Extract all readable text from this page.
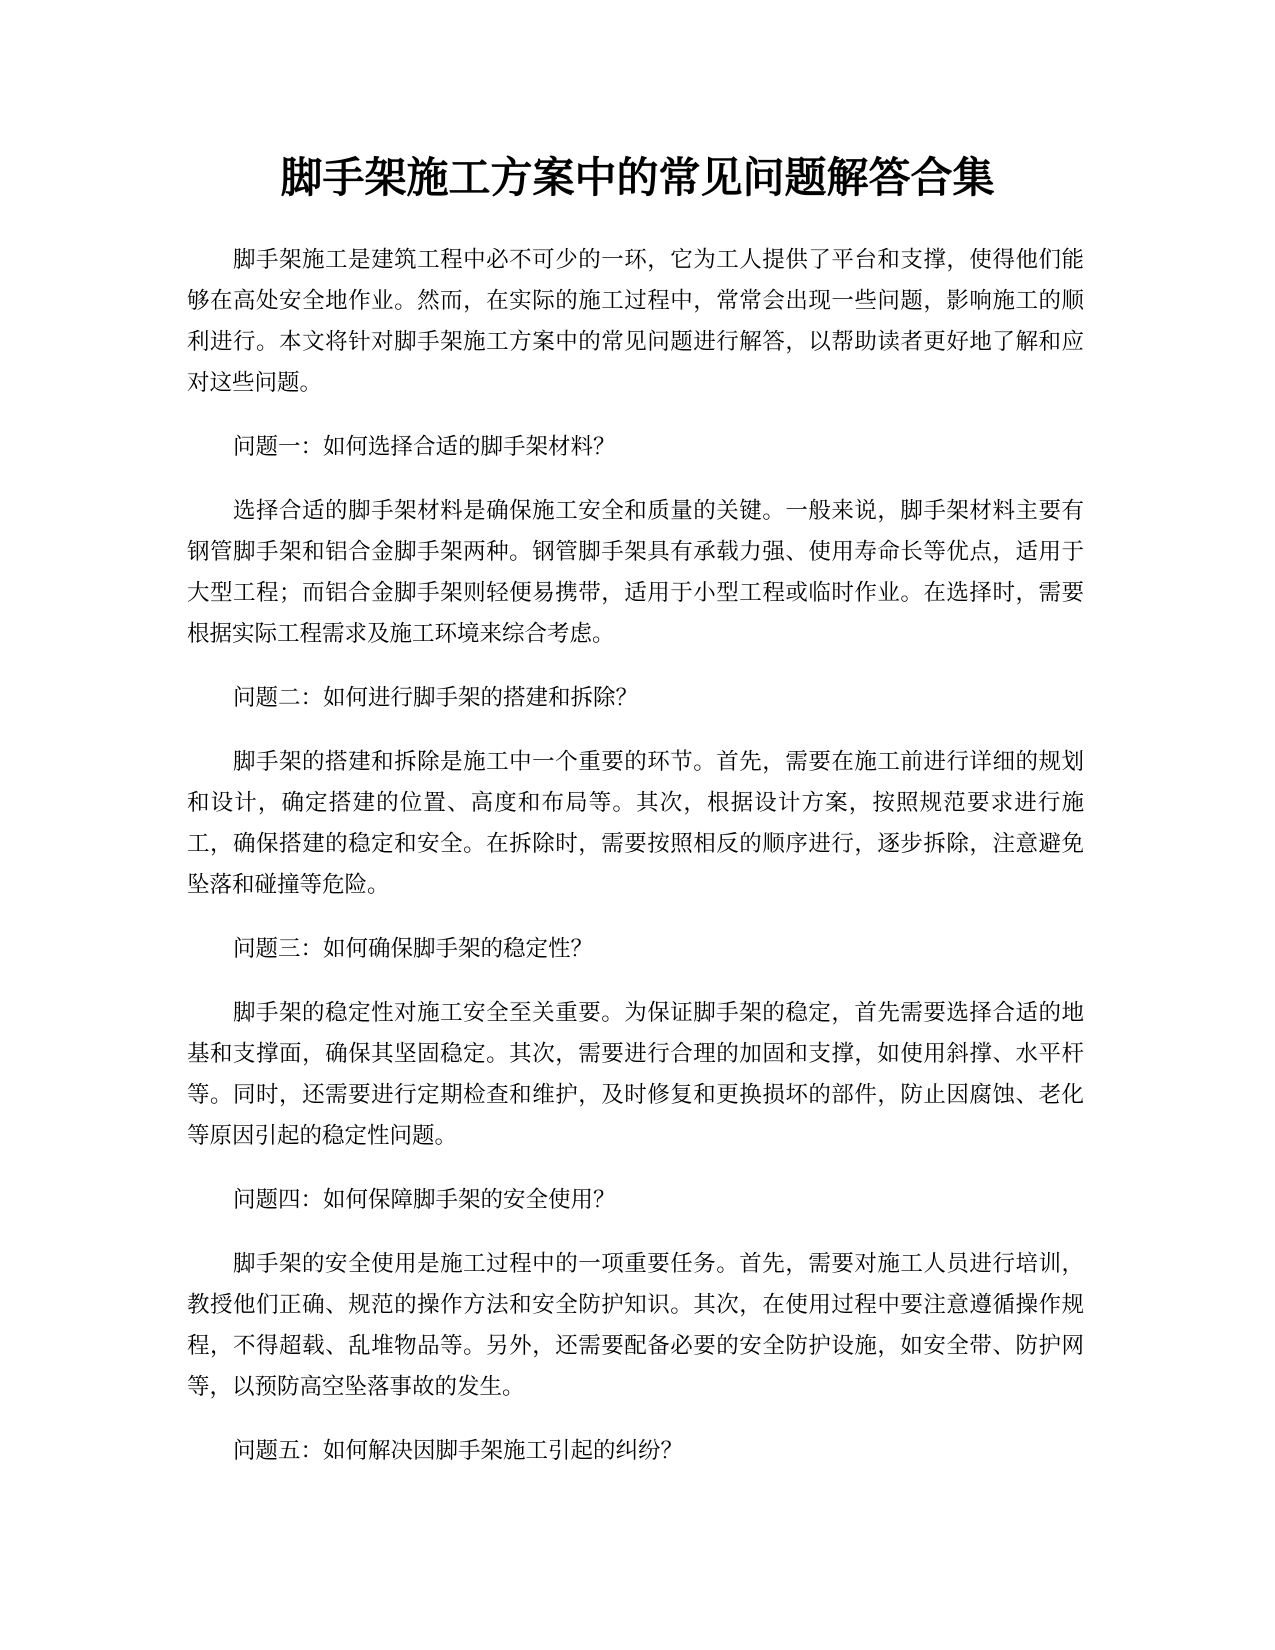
脚手架施工方案中的常见问题解答合集

脚手架施工是建筑工程中必不可少的一环，它为工人提供了平台和支撑，使得他们能够在高处安全地作业。然而，在实际的施工过程中，常常会出现一些问题，影响施工的顺利进行。本文将针对脚手架施工方案中的常见问题进行解答，以帮助读者更好地了解和应对这些问题。

问题一：如何选择合适的脚手架材料？

选择合适的脚手架材料是确保施工安全和质量的关键。一般来说，脚手架材料主要有钢管脚手架和铝合金脚手架两种。钢管脚手架具有承载力强、使用寿命长等优点，适用于大型工程；而铝合金脚手架则轻便易携带，适用于小型工程或临时作业。在选择时，需要根据实际工程需求及施工环境来综合考虑。

问题二：如何进行脚手架的搭建和拆除？

脚手架的搭建和拆除是施工中一个重要的环节。首先，需要在施工前进行详细的规划和设计，确定搭建的位置、高度和布局等。其次，根据设计方案，按照规范要求进行施工，确保搭建的稳定和安全。在拆除时，需要按照相反的顺序进行，逐步拆除，注意避免坠落和碰撞等危险。

问题三：如何确保脚手架的稳定性？

脚手架的稳定性对施工安全至关重要。为保证脚手架的稳定，首先需要选择合适的地基和支撑面，确保其坚固稳定。其次，需要进行合理的加固和支撑，如使用斜撑、水平杆等。同时，还需要进行定期检查和维护，及时修复和更换损坏的部件，防止因腐蚀、老化等原因引起的稳定性问题。

问题四：如何保障脚手架的安全使用？

脚手架的安全使用是施工过程中的一项重要任务。首先，需要对施工人员进行培训，教授他们正确、规范的操作方法和安全防护知识。其次，在使用过程中要注意遵循操作规程，不得超载、乱堆物品等。另外，还需要配备必要的安全防护设施，如安全带、防护网等，以预防高空坠落事故的发生。

问题五：如何解决因脚手架施工引起的纠纷？
